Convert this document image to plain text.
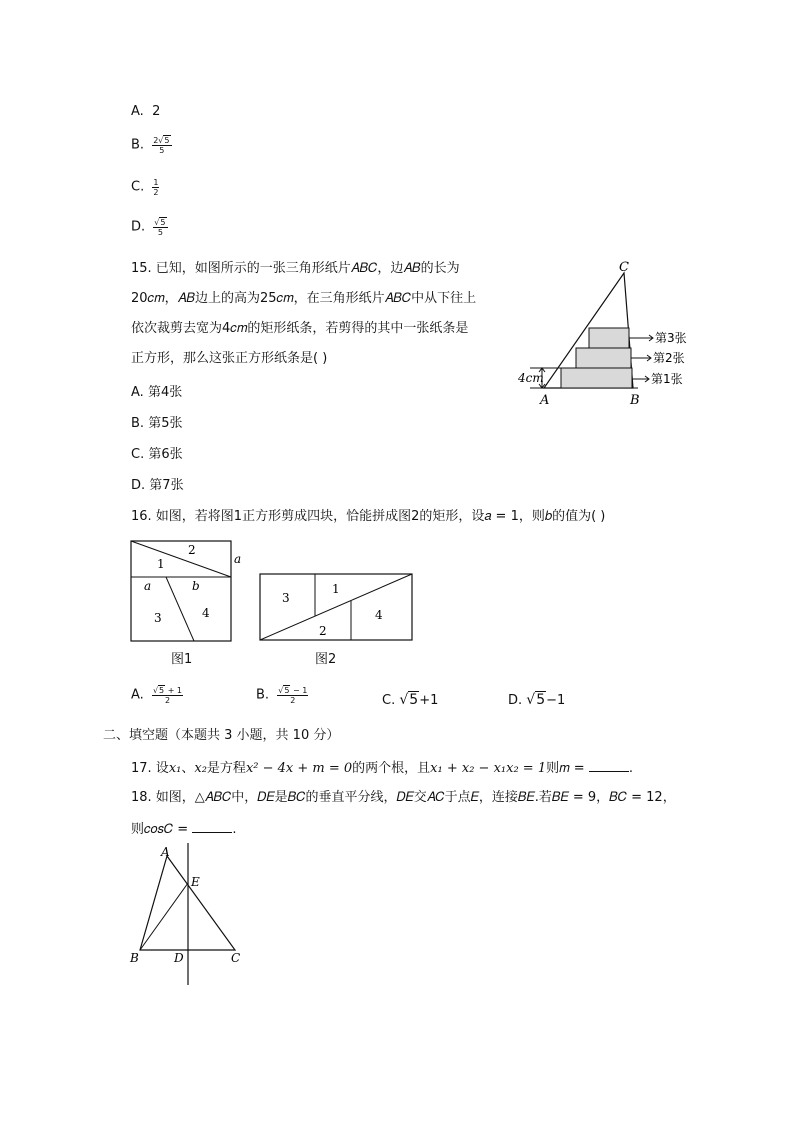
A. 2
B. $\frac{2√5}{5}$
C. $\frac{1}{2}$
D. $\frac{√5}{5}$
15. 已知，如图所示的一张三角形纸片𝐴𝐵𝐶，边𝐴𝐵的长为
20𝑐𝑚，𝐴𝐵边上的高为25𝑐𝑚，在三角形纸片𝐴𝐵𝐶中从下往上
依次裁剪去宽为4𝑐𝑚的矩形纸条，若剪得的其中一张纸条是
正方形，那么这张正方形纸条是( )
A. 第4张
B. 第5张
C. 第6张
D. 第7张
4cm
第3张
第2张
第1张
C
A	B
16. 如图，若将图1正方形剪成四块，恰能拼成图2的矩形，设𝑎 = 1，则𝑏的值为( )
2
1
3	4
a
a	b
图1
3
1
4
2
图2
A. $\frac{√5 + 1}{2}$	B. $\frac{√5 - 1}{2}$	C. √5+1	D. √5−1
二、填空题（本题共 3 小题，共 10 分）
17. 设𝑥₁、𝑥₂是方程𝑥² − 4𝑥 + 𝑚 = 0的两个根，且𝑥₁ + 𝑥₂ − 𝑥₁𝑥₂ = 1则𝑚 =	.
18. 如图，△𝐴𝐵𝐶中，𝐷𝐸是𝐵𝐶的垂直平分线，𝐷𝐸交𝐴𝐶于点𝐸，连接𝐵𝐸.若𝐵𝐸 = 9，𝐵𝐶 = 12，
则𝑐𝑜𝑠𝐶 =	.
A
E
B	D	C
